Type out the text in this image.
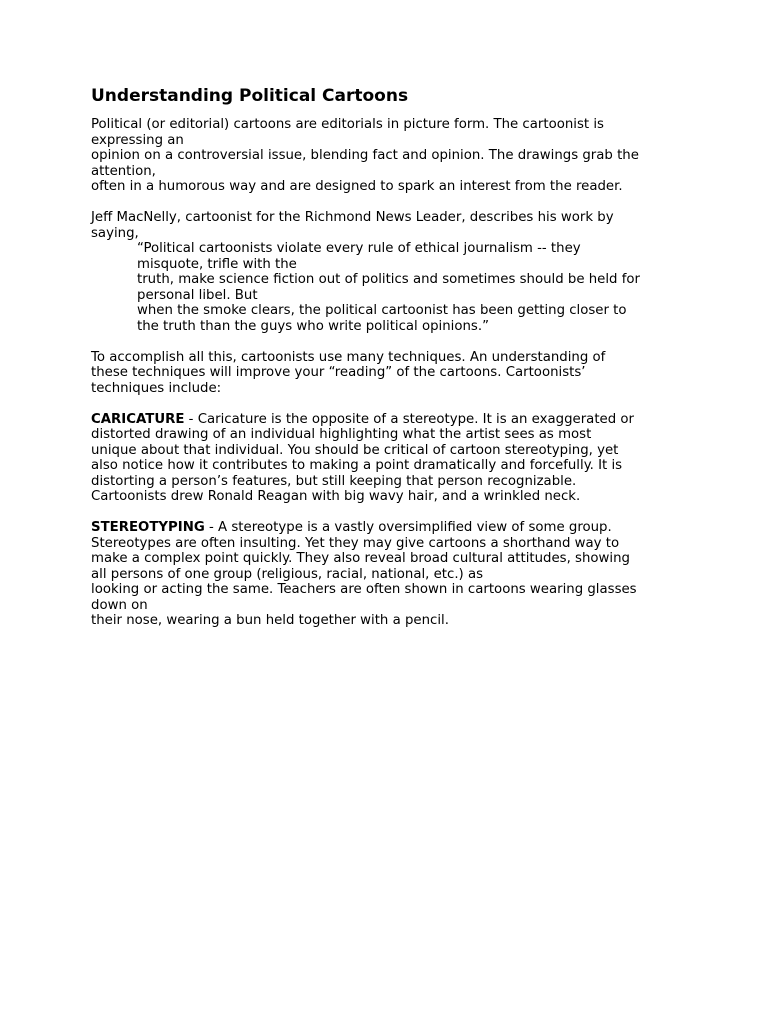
Understanding Political Cartoons
Political (or editorial) cartoons are editorials in picture form. The cartoonist is
expressing an
opinion on a controversial issue, blending fact and opinion. The drawings grab the
attention,
often in a humorous way and are designed to spark an interest from the reader.
Jeff MacNelly, cartoonist for the Richmond News Leader, describes his work by
saying,
“Political cartoonists violate every rule of ethical journalism -- they
misquote, trifle with the
truth, make science fiction out of politics and sometimes should be held for
personal libel. But
when the smoke clears, the political cartoonist has been getting closer to
the truth than the guys who write political opinions.”
To accomplish all this, cartoonists use many techniques. An understanding of
these techniques will improve your “reading” of the cartoons. Cartoonists’
techniques include:
CARICATURE - Caricature is the opposite of a stereotype. It is an exaggerated or
distorted drawing of an individual highlighting what the artist sees as most
unique about that individual. You should be critical of cartoon stereotyping, yet
also notice how it contributes to making a point dramatically and forcefully. It is
distorting a person’s features, but still keeping that person recognizable.
Cartoonists drew Ronald Reagan with big wavy hair, and a wrinkled neck.
STEREOTYPING - A stereotype is a vastly oversimplified view of some group.
Stereotypes are often insulting. Yet they may give cartoons a shorthand way to
make a complex point quickly. They also reveal broad cultural attitudes, showing
all persons of one group (religious, racial, national, etc.) as
looking or acting the same. Teachers are often shown in cartoons wearing glasses
down on
their nose, wearing a bun held together with a pencil.
